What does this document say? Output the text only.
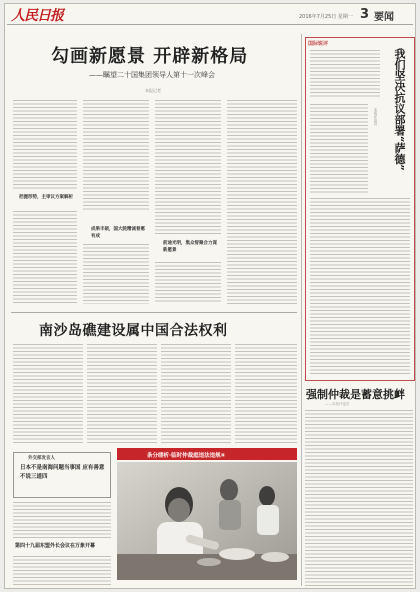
人民日报	2016年7月25日 星期一 3 要闻
勾画新愿景 开辟新格局
——瞩望二十国集团领导人第十一次峰会
本报记者
把握形势，主审议方案解析
成果丰硕，国大院精诚普惠有成
前途光明，集众智聚合力谋新愿景
国际锐评
我们坚决抗议部署“萨德”
本报评论员
南沙岛礁建设属中国合法权利
强制仲裁是蓄意挑衅
——本报评论员
外交部发言人
日本不是南海问题当事国 应有善意不说三道四
第四十九届东盟外长会议在万象开幕
条分缕析·临时仲裁庭违法违规④
